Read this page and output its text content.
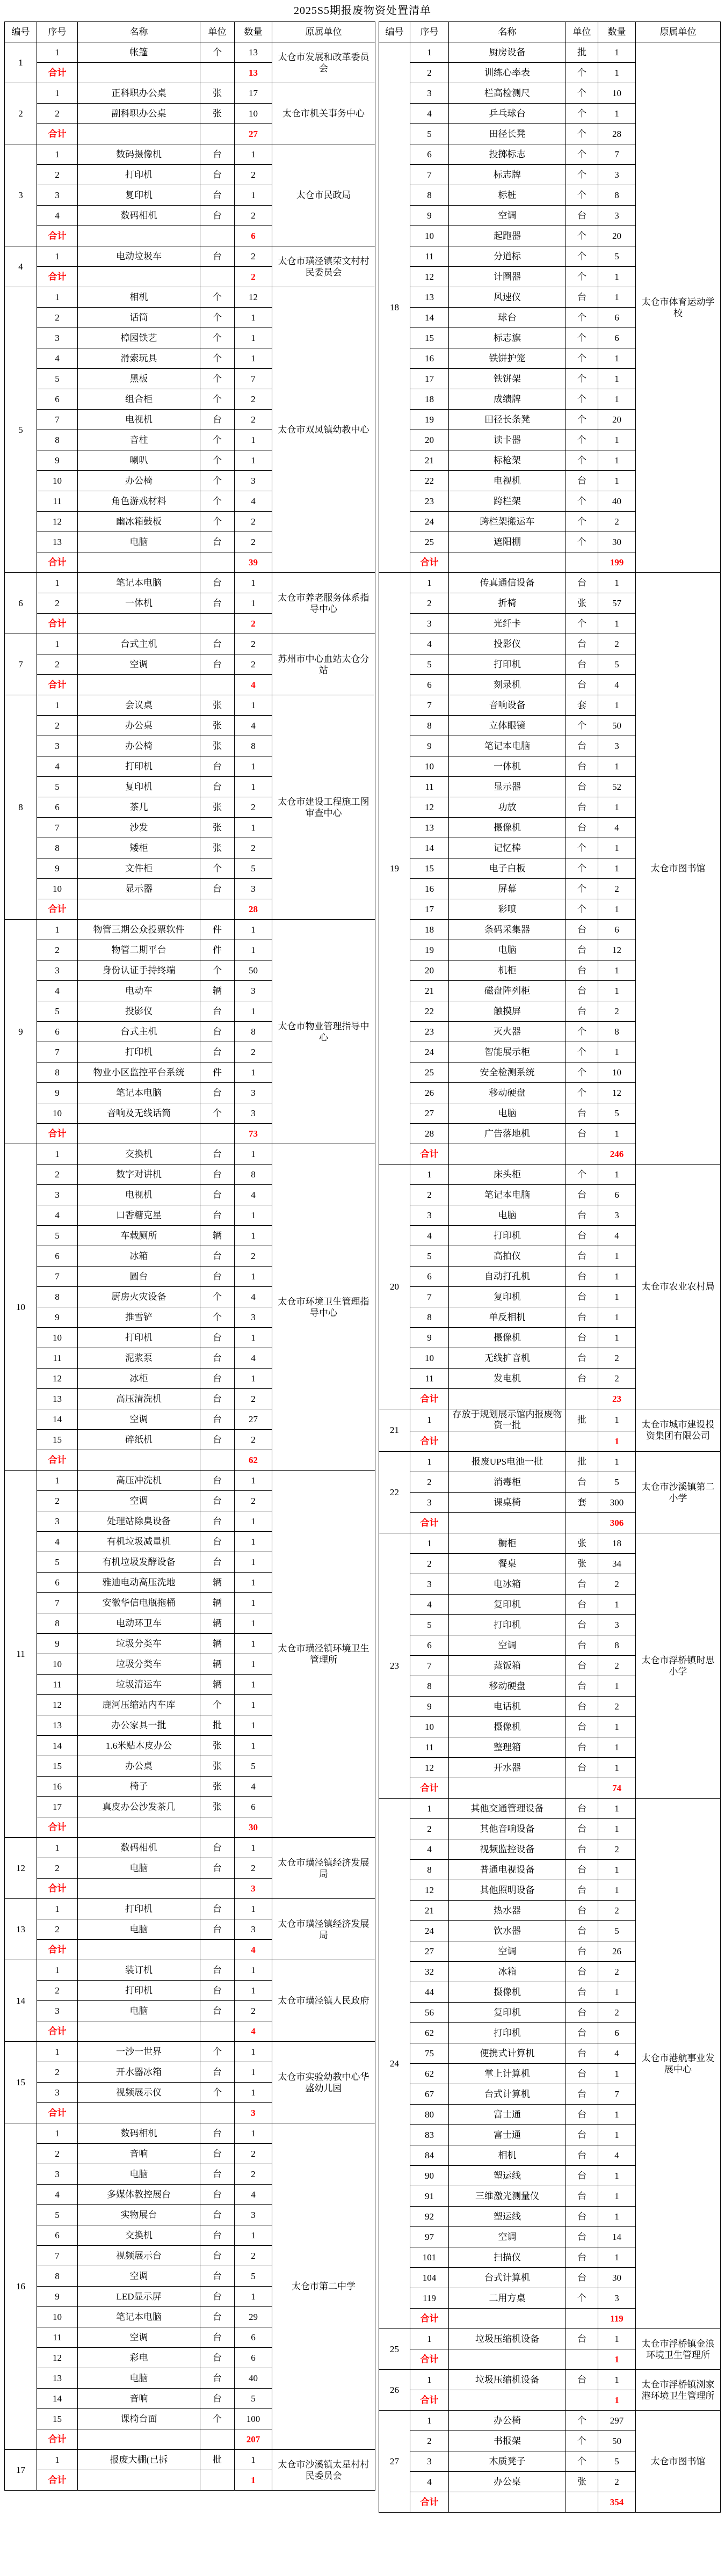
2025S5期报废物资处置清单
编号	序号	名称	单位	数量	原属单位
1	1	帐篷	个	13	太仓市发展和改革委员会
	合计			13	
2	1	正科职办公桌	张	17	太仓市机关事务中心
	2	副科职办公桌	张	10	
	合计			27	
3	1	数码摄像机	台	1	太仓市民政局
	2	打印机	台	2	
	3	复印机	台	1	
	4	数码相机	台	2	
	合计			6	
4	1	电动垃圾车	台	2	太仓市璜泾镇荣文村村民委员会
	合计			2	
5	1	相机	个	12	太仓市双凤镇幼教中心
	2	话筒	个	1	
	3	樟园铁艺	个	1	
	4	滑索玩具	个	1	
	5	黑板	个	7	
	6	组合柜	个	2	
	7	电视机	台	2	
	8	音柱	个	1	
	9	喇叭	个	1	
	10	办公椅	个	3	
	11	角色游戏材料	个	4	
	12	幽冰箱鼓板	个	2	
	13	电脑	台	2	
	合计			39	
6	1	笔记本电脑	台	1	太仓市养老服务体系指导中心
	2	一体机	台	1	
	合计			2	
7	1	台式主机	台	2	苏州市中心血站太仓分站
	2	空调	台	2	
	合计			4	
8	1	会议桌	张	1	太仓市建设工程施工图审查中心
	2	办公桌	张	4	
	3	办公椅	张	8	
	4	打印机	台	1	
	5	复印机	台	1	
	6	茶几	张	2	
	7	沙发	张	1	
	8	矮柜	张	2	
	9	文件柜	个	5	
	10	显示器	台	3	
	合计			28	
9	1	物管三期公众投票软件	件	1	太仓市物业管理指导中心
	2	物管二期平台	件	1	
	3	身份认证手持终端	个	50	
	4	电动车	辆	3	
	5	投影仪	台	1	
	6	台式主机	台	8	
	7	打印机	台	2	
	8	物业小区监控平台系统	件	1	
	9	笔记本电脑	台	3	
	10	音响及无线话筒	个	3	
	合计			73	
10	1	交换机	台	1	太仓市环境卫生管理指导中心
	2	数字对讲机	台	8	
	3	电视机	台	4	
	4	口香糖克星	台	1	
	5	车载厕所	辆	1	
	6	冰箱	台	2	
	7	圆台	台	1	
	8	厨房火灾设备	个	4	
	9	推雪铲	个	3	
	10	打印机	台	1	
	11	泥浆泵	台	4	
	12	冰柜	台	1	
	13	高压清洗机	台	2	
	14	空调	台	27	
	15	碎纸机	台	2	
	合计			62	
11	1	高压冲洗机	台	1	太仓市璜泾镇环境卫生管理所
	2	空调	台	2	
	3	处理站除臭设备	台	1	
	4	有机垃圾减量机	台	1	
	5	有机垃圾发酵设备	台	1	
	6	雅迪电动高压洗地	辆	1	
	7	安徽华信电瓶拖桶	辆	1	
	8	电动环卫车	辆	1	
	9	垃圾分类车	辆	1	
	10	垃圾分类车	辆	1	
	11	垃圾清运车	辆	1	
	12	鹿河压缩站内车库	个	1	
	13	办公家具一批	批	1	
	14	1.6米贴木皮办公	张	1	
	15	办公桌	张	5	
	16	椅子	张	4	
	17	真皮办公沙发茶几	张	6	
	合计			30	
12	1	数码相机	台	1	太仓市璜泾镇经济发展局
	2	电脑	台	2	
	合计			3	
13	1	打印机	台	1	太仓市璜泾镇经济发展局
	2	电脑	台	3	
	合计			4	
14	1	装订机	台	1	太仓市璜泾镇人民政府
	2	打印机	台	1	
	3	电脑	台	2	
	合计			4	
15	1	一沙一世界	个	1	太仓市实验幼教中心华盛幼儿园
	2	开水器冰箱	台	1	
	3	视频展示仪	个	1	
	合计			3	
16	1	数码相机	台	1	太仓市第二中学
	2	音响	台	2	
	3	电脑	台	2	
	4	多媒体教控展台	台	4	
	5	实物展台	台	3	
	6	交换机	台	1	
	7	视频展示台	台	2	
	8	空调	台	5	
	9	LED显示屏	台	1	
	10	笔记本电脑	台	29	
	11	空调	台	6	
	12	彩电	台	6	
	13	电脑	台	40	
	14	音响	台	5	
	15	课椅台面	个	100	
	合计			207	
17	1	报废大棚(已拆	批	1	太仓市沙溪镇太星村村民委员会
	合计			1	
编号	序号	名称	单位	数量	原属单位
18	1	厨房设备	批	1	太仓市体育运动学校
	2	训练心率表	个	1	
	3	栏高检测尺	个	10	
	4	乒乓球台	个	1	
	5	田径长凳	个	28	
	6	投掷标志	个	7	
	7	标志牌	个	3	
	8	标桩	个	8	
	9	空调	台	3	
	10	起跑器	个	20	
	11	分道标	个	5	
	12	计圈器	个	1	
	13	风速仪	台	1	
	14	球台	个	6	
	15	标志旗	个	6	
	16	铁饼护笼	个	1	
	17	铁饼架	个	1	
	18	成绩牌	个	1	
	19	田径长条凳	个	20	
	20	读卡器	个	1	
	21	标枪架	个	1	
	22	电视机	台	1	
	23	跨栏架	个	40	
	24	跨栏架搬运车	个	2	
	25	遮阳棚	个	30	
	合计			199	
19	1	传真通信设备	台	1	太仓市图书馆
	2	折椅	张	57	
	3	光纤卡	个	1	
	4	投影仪	台	2	
	5	打印机	台	5	
	6	刻录机	台	4	
	7	音响设备	套	1	
	8	立体眼镜	个	50	
	9	笔记本电脑	台	3	
	10	一体机	台	1	
	11	显示器	台	52	
	12	功放	台	1	
	13	摄像机	台	4	
	14	记忆棒	个	1	
	15	电子白板	个	1	
	16	屏幕	个	2	
	17	彩喷	个	1	
	18	条码采集器	台	6	
	19	电脑	台	12	
	20	机柜	台	1	
	21	磁盘阵列柜	台	1	
	22	触摸屏	台	2	
	23	灭火器	个	8	
	24	智能展示柜	个	1	
	25	安全检测系统	个	10	
	26	移动硬盘	个	12	
	27	电脑	台	5	
	28	广告落地机	台	1	
	合计			246	
20	1	床头柜	个	1	太仓市农业农村局
	2	笔记本电脑	台	6	
	3	电脑	台	3	
	4	打印机	台	4	
	5	高拍仪	台	1	
	6	自动打孔机	台	1	
	7	复印机	台	1	
	8	单反相机	台	1	
	9	摄像机	台	1	
	10	无线扩音机	台	2	
	11	发电机	台	2	
	合计			23	
21	1	存放于规划展示馆内报废物资一批	批	1	太仓市城市建设投资集团有限公司
	合计			1	
22	1	报废UPS电池一批	批	1	太仓市沙溪镇第二小学
	2	消毒柜	台	5	
	3	课桌椅	套	300	
	合计			306	
23	1	橱柜	张	18	太仓市浮桥镇时思小学
	2	餐桌	张	34	
	3	电冰箱	台	2	
	4	复印机	台	1	
	5	打印机	台	3	
	6	空调	台	8	
	7	蒸饭箱	台	2	
	8	移动硬盘	台	1	
	9	电话机	台	2	
	10	摄像机	台	1	
	11	整理箱	台	1	
	12	开水器	台	1	
	合计			74	
24	1	其他交通管理设备	台	1	太仓市港航事业发展中心
	2	其他音响设备	台	1	
	4	视频监控设备	台	2	
	8	普通电视设备	台	1	
	12	其他照明设备	台	1	
	21	热水器	台	2	
	24	饮水器	台	5	
	27	空调	台	26	
	32	冰箱	台	2	
	44	摄像机	台	1	
	56	复印机	台	2	
	62	打印机	台	6	
	75	便携式计算机	台	4	
	62	掌上计算机	台	1	
	67	台式计算机	台	7	
	80	富士通	台	1	
	83	富士通	台	1	
	84	相机	台	4	
	90	塑运线	台	1	
	91	三维激光测量仪	台	1	
	92	塑运线	台	1	
	97	空调	台	14	
	101	扫描仪	台	1	
	104	台式计算机	台	30	
	119	二用方桌	个	3	
	合计			119	
25	1	垃圾压缩机设备	台	1	太仓市浮桥镇金浪环境卫生管理所
	合计			1	
26	1	垃圾压缩机设备	台	1	太仓市浮桥镇浏家港环境卫生管理所
	合计			1	
27	1	办公椅	个	297	太仓市图书馆
	2	书报架	个	50	
	3	木质凳子	个	5	
	4	办公桌	张	2	
	合计			354	
